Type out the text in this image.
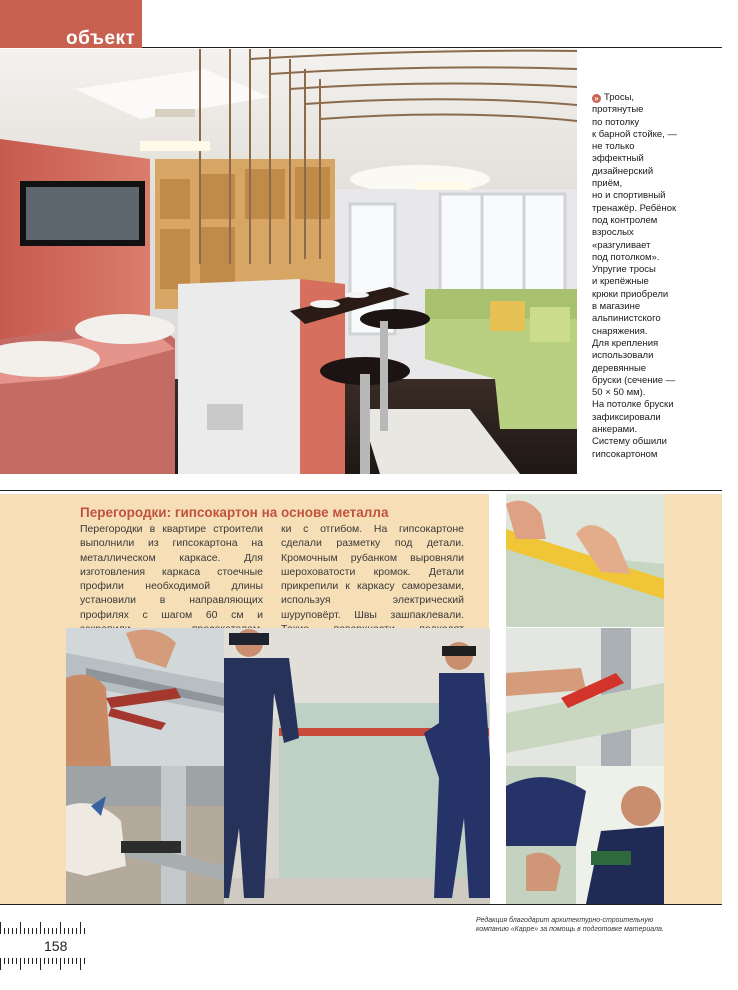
объект
» Тросы,
протянутые
по потолку
к барной стойке, —
не только
эффектный
дизайнерский
приём,
но и спортивный
тренажёр. Ребёнок
под контролем
взрослых
«разгуливает
под потолком».
Упругие тросы
и крепёжные
крюки приобрели
в магазине
альпинистского
снаряжения.
Для крепления
использовали
деревянные
бруски (сечение —
50 × 50 мм).
На потолке бруски
зафиксировали
анкерами.
Систему обшили
гипсокартоном
Перегородки: гипсокартон на основе металла
Перегородки в квартире строители выполнили из гипсокартона на металлическом каркасе. Для изготовления каркаса стоечные профили необходимой длины установили в направляющих профилях с шагом 60 см и
ки с отгибом. На гипсокартоне сделали разметку под детали. Кромочным рубанком выровняли шероховатости кромок. Детали прикрепили к каркасу саморезами, используя электрический шуруповёрт. Швы зашпаклевали.
158
Редакция благодарит архитектурно-строительную компанию «Карре» за помощь в подготовке материала.
